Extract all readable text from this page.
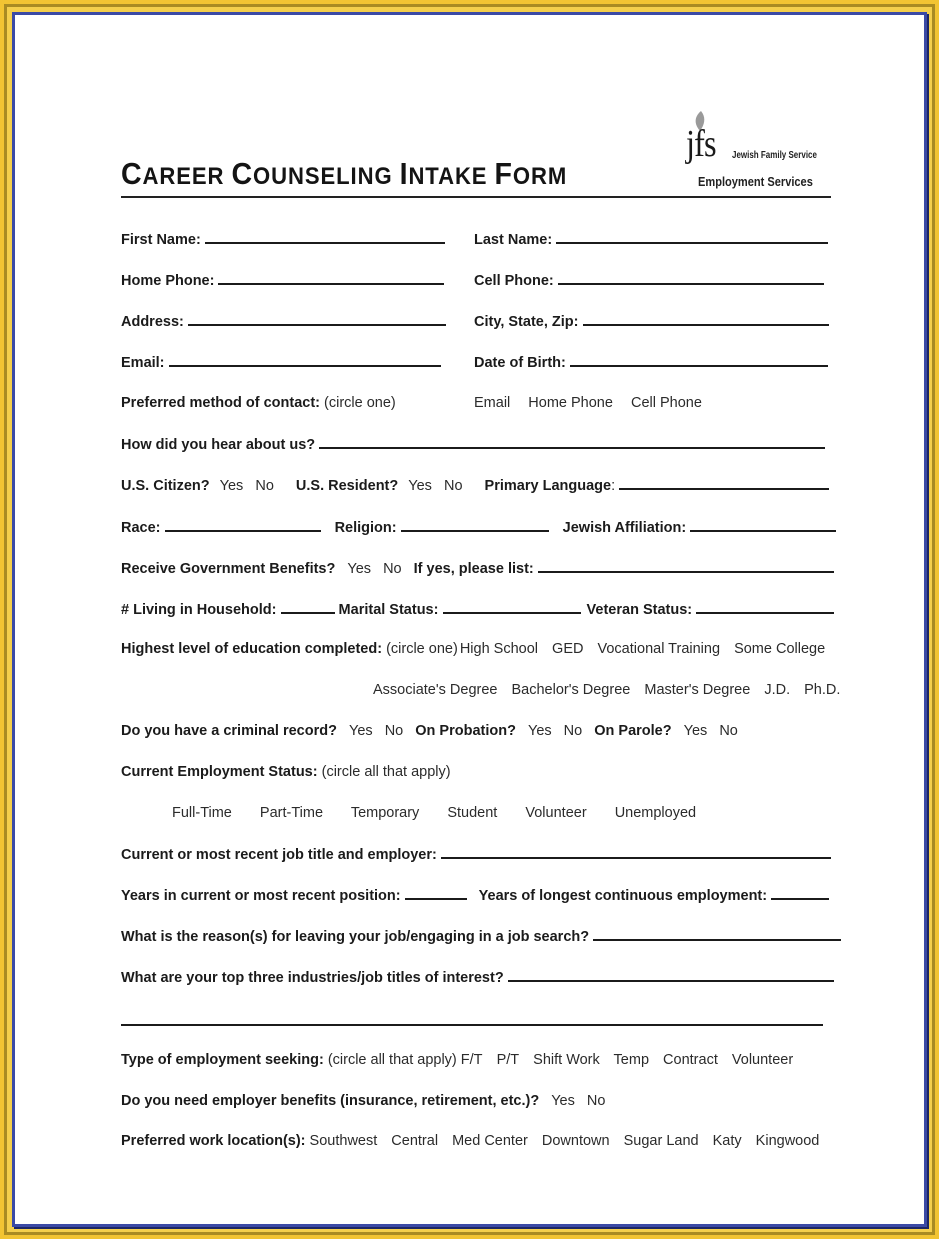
CAREER COUNSELING INTAKE FORM
jfs Jewish Family Service
Employment Services
First Name:	Last Name:
Home Phone:	Cell Phone:
Address:	City, State, Zip:
Email:	Date of Birth:
Preferred method of contact: (circle one)	Email Home Phone Cell Phone
How did you hear about us?
U.S. Citizen? Yes No U.S. Resident? Yes No Primary Language:
Race:	Religion:	Jewish Affiliation:
Receive Government Benefits? Yes No If yes, please list:
# Living in Household:	Marital Status:	Veteran Status:
Highest level of education completed: (circle one) High School GED Vocational Training Some College
Associate's Degree Bachelor's Degree Master's Degree J.D. Ph.D.
Do you have a criminal record? Yes No On Probation? Yes No On Parole? Yes No
Current Employment Status: (circle all that apply)
Full-Time Part-Time Temporary Student Volunteer Unemployed
Current or most recent job title and employer:
Years in current or most recent position:	Years of longest continuous employment:
What is the reason(s) for leaving your job/engaging in a job search?
What are your top three industries/job titles of interest?
Type of employment seeking: (circle all that apply) F/T P/T Shift Work Temp Contract Volunteer
Do you need employer benefits (insurance, retirement, etc.)? Yes No
Preferred work location(s): Southwest Central Med Center Downtown Sugar Land Katy Kingwood
